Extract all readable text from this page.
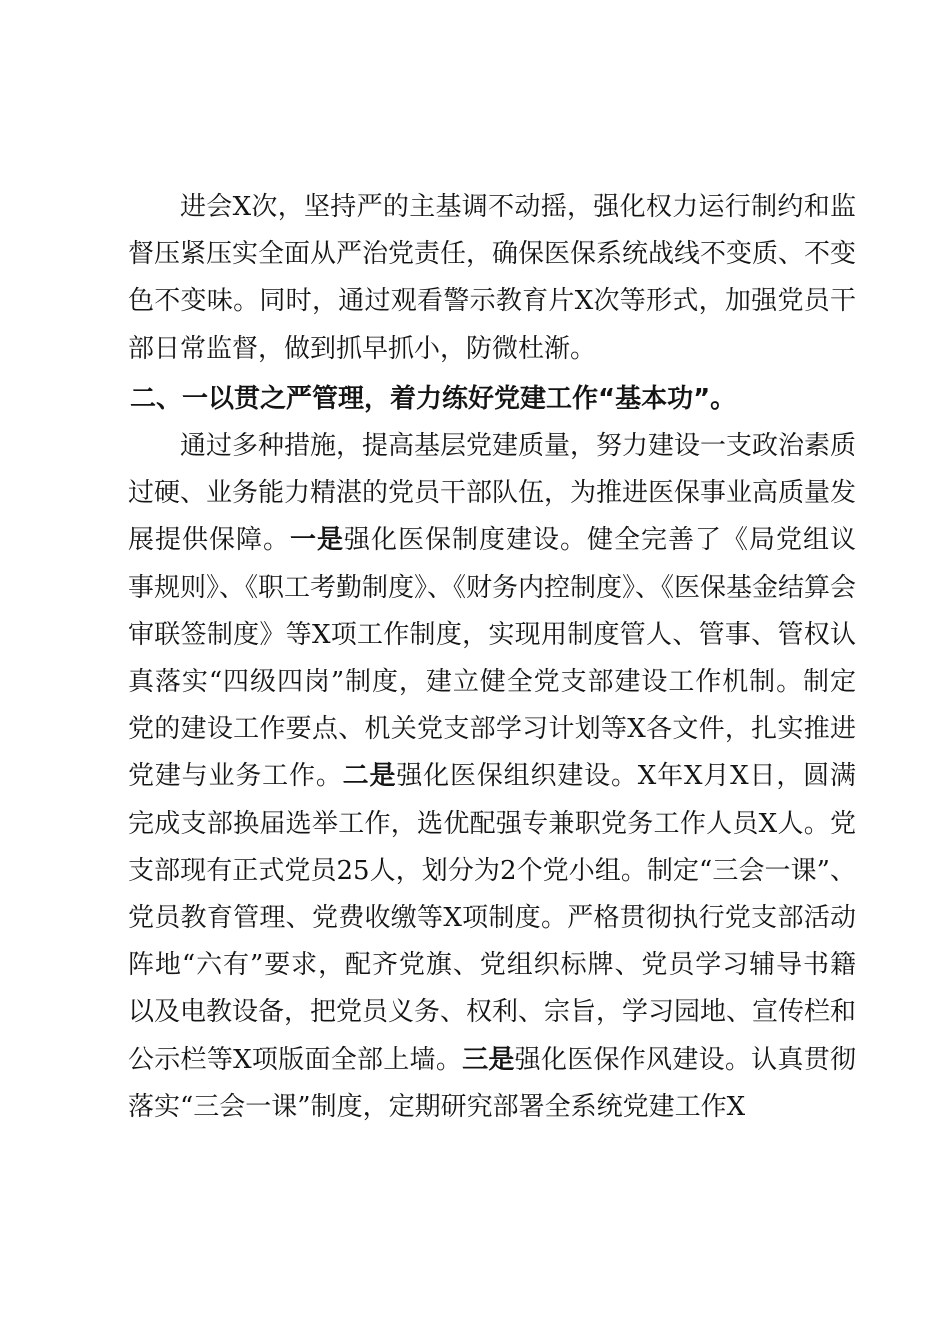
进会X次，坚持严的主基调不动摇，强化权力运行制约和监督压紧压实全面从严治党责任，确保医保系统战线不变质、不变色不变味。同时，通过观看警示教育片X次等形式，加强党员干部日常监督，做到抓早抓小，防微杜渐。

二、一以贯之严管理，着力练好党建工作“基本功”。

通过多种措施，提高基层党建质量，努力建设一支政治素质过硬、业务能力精湛的党员干部队伍，为推进医保事业高质量发展提供保障。一是强化医保制度建设。健全完善了《局党组议事规则》、《职工考勤制度》、《财务内控制度》、《医保基金结算会审联签制度》等X项工作制度，实现用制度管人、管事、管权认真落实“四级四岗”制度，建立健全党支部建设工作机制。制定党的建设工作要点、机关党支部学习计划等X各文件，扎实推进党建与业务工作。二是强化医保组织建设。X年X月X日，圆满完成支部换届选举工作，选优配强专兼职党务工作人员X人。党支部现有正式党员25人，划分为2个党小组。制定“三会一课”、党员教育管理、党费收缴等X项制度。严格贯彻执行党支部活动阵地“六有”要求，配齐党旗、党组织标牌、党员学习辅导书籍以及电教设备，把党员义务、权利、宗旨，学习园地、宣传栏和公示栏等X项版面全部上墙。三是强化医保作风建设。认真贯彻落实“三会一课”制度，定期研究部署全系统党建工作X
